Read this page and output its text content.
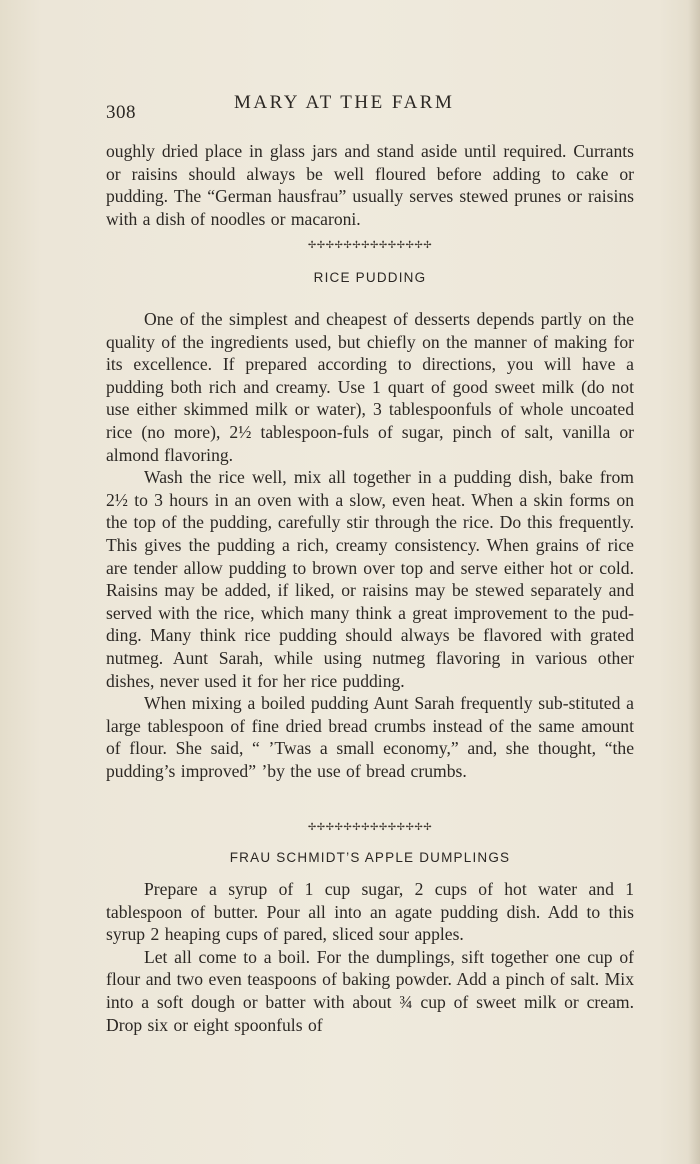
308	MARY AT THE FARM

oughly dried place in glass jars and stand aside until required. Currants or raisins should always be well floured before adding to cake or pudding. The “German hausfrau” usually serves stewed prunes or raisins with a dish of noodles or macaroni.

✢✢✢✢✢✢✢✢✢✢✢✢✢✢
RICE PUDDING

One of the simplest and cheapest of desserts depends partly on the quality of the ingredients used, but chiefly on the manner of making for its excellence. If prepared according to directions, you will have a pudding both rich and creamy. Use 1 quart of good sweet milk (do not use either skimmed milk or water), 3 tablespoonfuls of whole uncoated rice (no more), 2½ tablespoon-fuls of sugar, pinch of salt, vanilla or almond flavoring.

Wash the rice well, mix all together in a pudding dish, bake from 2½ to 3 hours in an oven with a slow, even heat. When a skin forms on the top of the pudding, carefully stir through the rice. Do this frequently. This gives the pudding a rich, creamy consistency. When grains of rice are tender allow pudding to brown over top and serve either hot or cold. Raisins may be added, if liked, or raisins may be stewed separately and served with the rice, which many think a great improvement to the pud-ding. Many think rice pudding should always be flavored with grated nutmeg. Aunt Sarah, while using nutmeg flavoring in various other dishes, never used it for her rice pudding.

When mixing a boiled pudding Aunt Sarah frequently sub-stituted a large tablespoon of fine dried bread crumbs instead of the same amount of flour. She said, “ ’Twas a small economy,” and, she thought, “the pudding’s improved” ’by the use of bread crumbs.

✢✢✢✢✢✢✢✢✢✢✢✢✢✢
FRAU SCHMIDT’S APPLE DUMPLINGS

Prepare a syrup of 1 cup sugar, 2 cups of hot water and 1 tablespoon of butter. Pour all into an agate pudding dish. Add to this syrup 2 heaping cups of pared, sliced sour apples.

Let all come to a boil. For the dumplings, sift together one cup of flour and two even teaspoons of baking powder. Add a pinch of salt. Mix into a soft dough or batter with about ¾ cup of sweet milk or cream. Drop six or eight spoonfuls of
